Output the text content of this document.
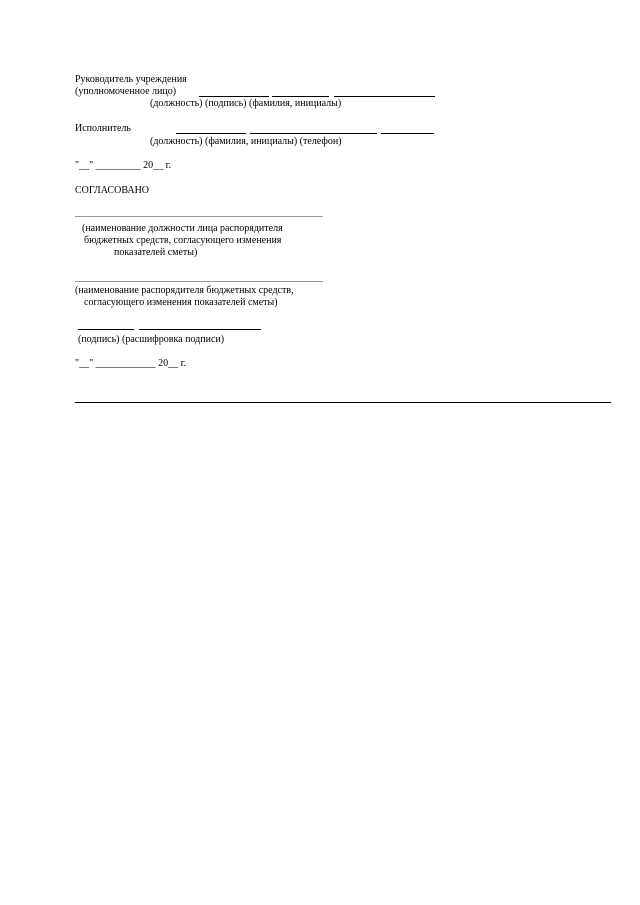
Руководитель учреждения
(уполномоченное лицо)
(должность) (подпись) (фамилия, инициалы)
Исполнитель
(должность) (фамилия, инициалы) (телефон)
"__" _________ 20__ г.
СОГЛАСОВАНО
(наименование должности лица распорядителя
бюджетных средств, согласующего изменения
показателей сметы)
(наименование распорядителя бюджетных средств,
согласующего изменения показателей сметы)
(подпись) (расшифровка подписи)
"__" ____________ 20__ г.
